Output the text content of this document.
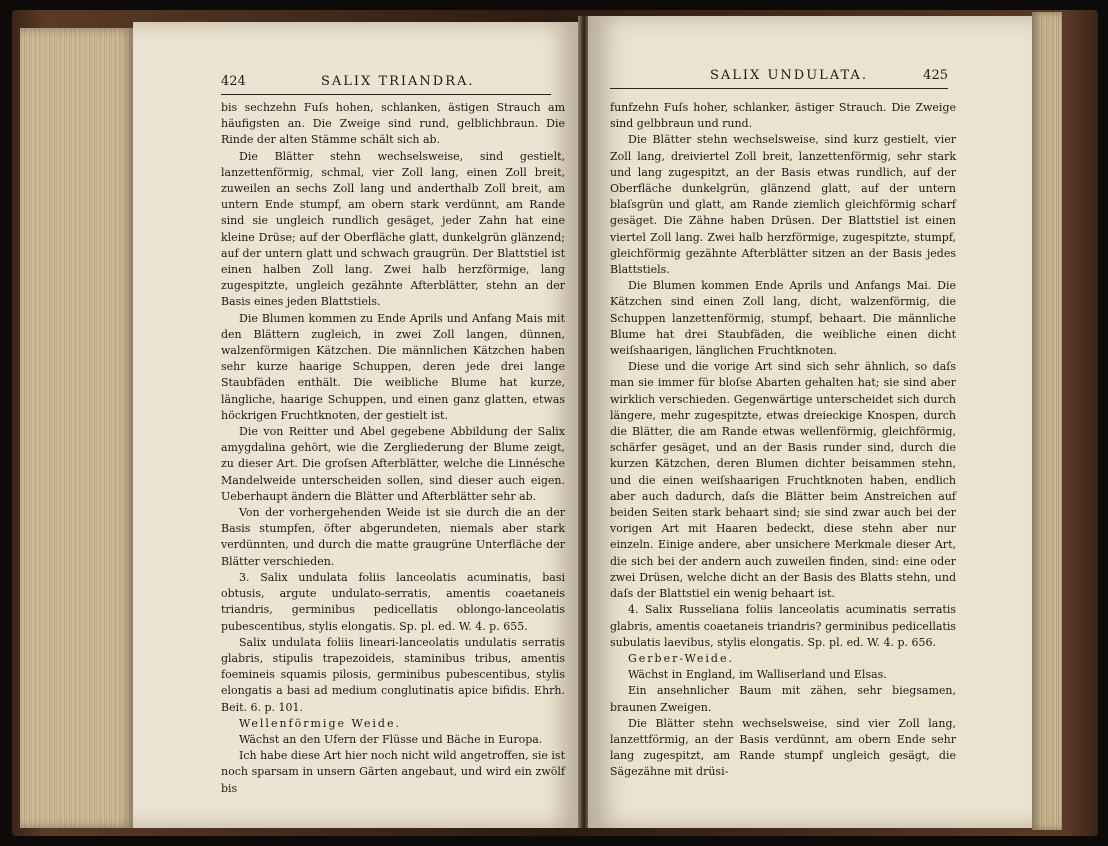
424	SALIX TRIANDRA.

bis sechzehn Fuſs hohen, schlanken, ästigen Strauch am häufigsten an. Die Zweige sind rund, gelblichbraun. Die Rinde der alten Stämme schält sich ab.

Die Blätter stehn wechselsweise, sind gestielt, lanzettenförmig, schmal, vier Zoll lang, einen Zoll breit, zuweilen an sechs Zoll lang und anderthalb Zoll breit, am untern Ende stumpf, am obern stark verdünnt, am Rande sind sie ungleich rundlich gesäget, jeder Zahn hat eine kleine Drüse; auf der Oberfläche glatt, dunkelgrün glänzend; auf der untern glatt und schwach graugrün. Der Blattstiel ist einen halben Zoll lang. Zwei halb herzförmige, lang zugespitzte, ungleich gezähnte Afterblätter, stehn an der Basis eines jeden Blattstiels.

Die Blumen kommen zu Ende Aprils und Anfang Mais mit den Blättern zugleich, in zwei Zoll langen, dünnen, walzenförmigen Kätzchen. Die männlichen Kätzchen haben sehr kurze haarige Schuppen, deren jede drei lange Staubfäden enthält. Die weibliche Blume hat kurze, längliche, haarige Schuppen, und einen ganz glatten, etwas höckrigen Fruchtknoten, der gestielt ist.

Die von Reitter und Abel gegebene Abbildung der Salix amygdalina gehört, wie die Zergliederung der Blume zeigt, zu dieser Art. Die groſsen Afterblätter, welche die Linnésche Mandelweide unterscheiden sollen, sind dieser auch eigen. Ueberhaupt ändern die Blätter und Afterblätter sehr ab.

Von der vorhergehenden Weide ist sie durch die an der Basis stumpfen, öfter abgerundeten, niemals aber stark verdünnten, und durch die matte graugrüne Unterfläche der Blätter verschieden.

3. Salix undulata foliis lanceolatis acuminatis, basi obtusis, argute undulato-serratis, amentis coaetaneis triandris, germinibus pedicellatis oblongo-lanceolatis pubescentibus, stylis elongatis. Sp. pl. ed. W. 4. p. 655.

Salix undulata foliis lineari-lanceolatis undulatis serratis glabris, stipulis trapezoideis, staminibus tribus, amentis foemineis squamis pilosis, germinibus pubescentibus, stylis elongatis a basi ad medium conglutinatis apice bifidis. Ehrh. Beit. 6. p. 101.

Wellenförmige Weide.

Wächst an den Ufern der Flüsse und Bäche in Europa.

Ich habe diese Art hier noch nicht wild angetroffen, sie ist noch sparsam in unsern Gärten angebaut, und wird ein zwölf bis

SALIX UNDULATA.	425

funfzehn Fuſs hoher, schlanker, ästiger Strauch. Die Zweige sind gelbbraun und rund.

Die Blätter stehn wechselsweise, sind kurz gestielt, vier Zoll lang, dreiviertel Zoll breit, lanzettenförmig, sehr stark und lang zugespitzt, an der Basis etwas rundlich, auf der Oberfläche dunkelgrün, glänzend glatt, auf der untern blaſsgrün und glatt, am Rande ziemlich gleichförmig scharf gesäget. Die Zähne haben Drüsen. Der Blattstiel ist einen viertel Zoll lang. Zwei halb herzförmige, zugespitzte, stumpf, gleichförmig gezähnte Afterblätter sitzen an der Basis jedes Blattstiels.

Die Blumen kommen Ende Aprils und Anfangs Mai. Die Kätzchen sind einen Zoll lang, dicht, walzenförmig, die Schuppen lanzettenförmig, stumpf, behaart. Die männliche Blume hat drei Staubfäden, die weibliche einen dicht weiſshaarigen, länglichen Fruchtknoten.

Diese und die vorige Art sind sich sehr ähnlich, so daſs man sie immer für bloſse Abarten gehalten hat; sie sind aber wirklich verschieden. Gegenwärtige unterscheidet sich durch längere, mehr zugespitzte, etwas dreieckige Knospen, durch die Blätter, die am Rande etwas wellenförmig, gleichförmig, schärfer gesäget, und an der Basis runder sind, durch die kurzen Kätzchen, deren Blumen dichter beisammen stehn, und die einen weiſshaarigen Fruchtknoten haben, endlich aber auch dadurch, daſs die Blätter beim Anstreichen auf beiden Seiten stark behaart sind; sie sind zwar auch bei der vorigen Art mit Haaren bedeckt, diese stehn aber nur einzeln. Einige andere, aber unsichere Merkmale dieser Art, die sich bei der andern auch zuweilen finden, sind: eine oder zwei Drüsen, welche dicht an der Basis des Blatts stehn, und daſs der Blattstiel ein wenig behaart ist.

4. Salix Russeliana foliis lanceolatis acuminatis serratis glabris, amentis coaetaneis triandris? germinibus pedicellatis subulatis laevibus, stylis elongatis. Sp. pl. ed. W. 4. p. 656.

Gerber-Weide.

Wächst in England, im Walliserland und Elsas.

Ein ansehnlicher Baum mit zähen, sehr biegsamen, braunen Zweigen.

Die Blätter stehn wechselsweise, sind vier Zoll lang, lanzettförmig, an der Basis verdünnt, am obern Ende sehr lang zugespitzt, am Rande stumpf ungleich gesägt, die Sägezähne mit drüsi-
